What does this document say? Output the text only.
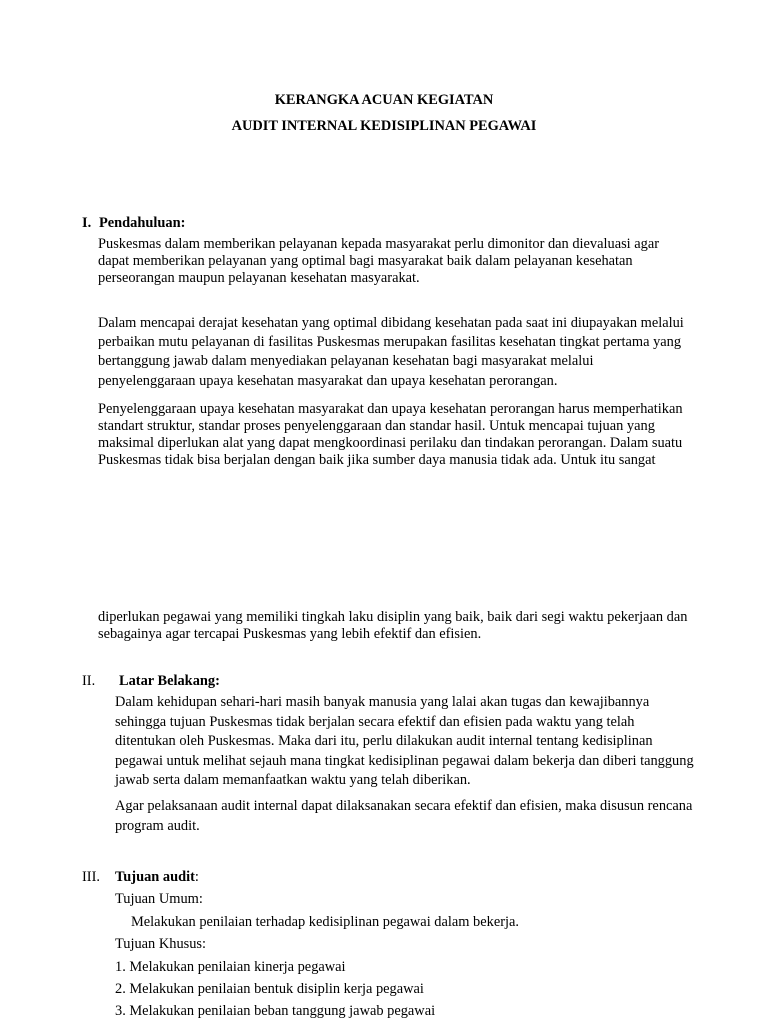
KERANGKA ACUAN KEGIATAN
AUDIT INTERNAL KEDISIPLINAN PEGAWAI
I. Pendahuluan:
Puskesmas dalam memberikan pelayanan kepada masyarakat perlu dimonitor dan dievaluasi agar
dapat memberikan pelayanan yang optimal bagi masyarakat baik dalam pelayanan kesehatan
perseorangan maupun pelayanan kesehatan masyarakat.
Dalam mencapai derajat kesehatan yang optimal dibidang kesehatan pada saat ini diupayakan melalui
perbaikan mutu pelayanan di fasilitas Puskesmas merupakan fasilitas kesehatan tingkat pertama yang
bertanggung jawab dalam menyediakan pelayanan kesehatan bagi masyarakat melalui
penyelenggaraan upaya kesehatan masyarakat dan upaya kesehatan perorangan.
Penyelenggaraan upaya kesehatan masyarakat dan upaya kesehatan perorangan harus memperhatikan
standart struktur, standar proses penyelenggaraan dan standar hasil. Untuk mencapai tujuan yang
maksimal diperlukan alat yang dapat mengkoordinasi perilaku dan tindakan perorangan. Dalam suatu
Puskesmas tidak bisa berjalan dengan baik jika sumber daya manusia tidak ada. Untuk itu sangat
diperlukan pegawai yang memiliki tingkah laku disiplin yang baik, baik dari segi waktu pekerjaan dan
sebagainya agar tercapai Puskesmas yang lebih efektif dan efisien.
II. Latar Belakang:
Dalam kehidupan sehari-hari masih banyak manusia yang lalai akan tugas dan kewajibannya
sehingga tujuan Puskesmas tidak berjalan secara efektif dan efisien pada waktu yang telah
ditentukan oleh Puskesmas. Maka dari itu, perlu dilakukan audit internal tentang kedisiplinan
pegawai untuk melihat sejauh mana tingkat kedisiplinan pegawai dalam bekerja dan diberi tanggung
jawab serta dalam memanfaatkan waktu yang telah diberikan.
Agar pelaksanaan audit internal dapat dilaksanakan secara efektif dan efisien, maka disusun rencana
program audit.
III. Tujuan audit:
Tujuan Umum:
Melakukan penilaian terhadap kedisiplinan pegawai dalam bekerja.
Tujuan Khusus:
1. Melakukan penilaian kinerja pegawai
2. Melakukan penilaian bentuk disiplin kerja pegawai
3. Melakukan penilaian beban tanggung jawab pegawai
